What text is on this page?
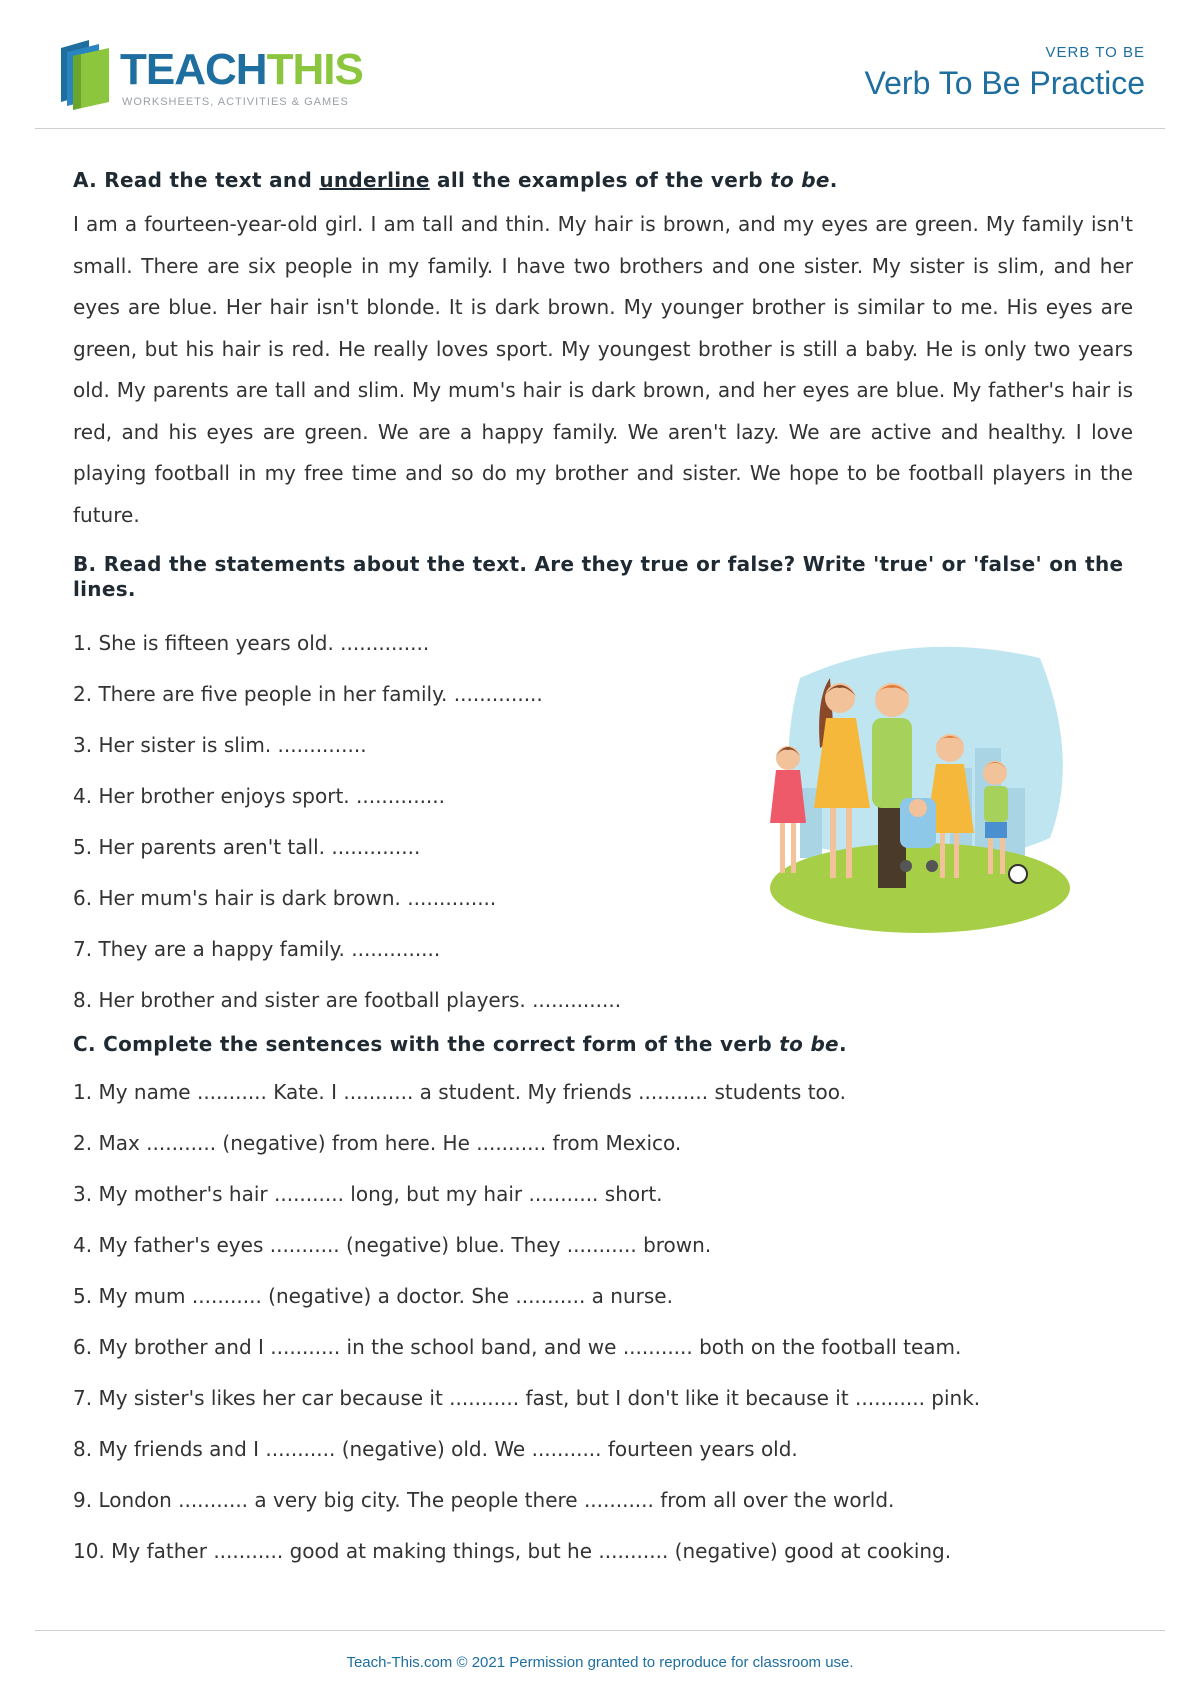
TEACHTHIS
WORKSHEETS, ACTIVITIES & GAMES
VERB TO BE
Verb To Be Practice
A. Read the text and underline all the examples of the verb to be.

I am a fourteen-year-old girl. I am tall and thin. My hair is brown, and my eyes are green. My family isn't small. There are six people in my family. I have two brothers and one sister. My sister is slim, and her eyes are blue. Her hair isn't blonde. It is dark brown. My younger brother is similar to me. His eyes are green, but his hair is red. He really loves sport. My youngest brother is still a baby. He is only two years old. My parents are tall and slim. My mum's hair is dark brown, and her eyes are blue. My father's hair is red, and his eyes are green. We are a happy family. We aren't lazy. We are active and healthy. I love playing football in my free time and so do my brother and sister. We hope to be football players in the future.

B. Read the statements about the text. Are they true or false? Write 'true' or 'false' on the lines.
1. She is fifteen years old. ..............
2. There are five people in her family. ..............
3. Her sister is slim. ..............
4. Her brother enjoys sport. ..............
5. Her parents aren't tall. ..............
6. Her mum's hair is dark brown. ..............
7. They are a happy family. ..............
8. Her brother and sister are football players. ..............
C. Complete the sentences with the correct form of the verb to be.
1. My name ........... Kate. I ........... a student. My friends ........... students too.
2. Max ........... (negative) from here. He ........... from Mexico.
3. My mother's hair ........... long, but my hair ........... short.
4. My father's eyes ........... (negative) blue. They ........... brown.
5. My mum ........... (negative) a doctor. She ........... a nurse.
6. My brother and I ........... in the school band, and we ........... both on the football team.
7. My sister's likes her car because it ........... fast, but I don't like it because it ........... pink.
8. My friends and I ........... (negative) old. We ........... fourteen years old.
9. London ........... a very big city. The people there ........... from all over the world.
10. My father ........... good at making things, but he ........... (negative) good at cooking.
Teach-This.com © 2021 Permission granted to reproduce for classroom use.
